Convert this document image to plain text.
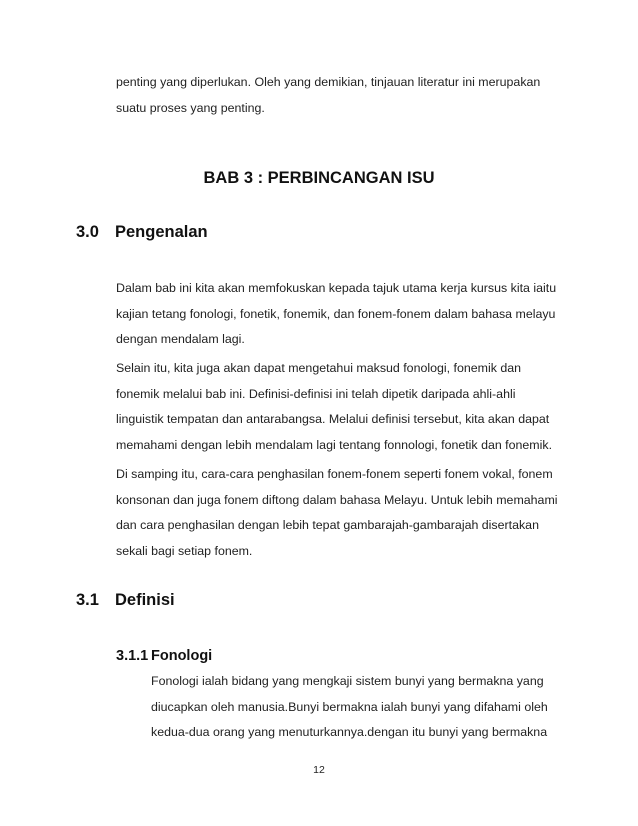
penting yang diperlukan. Oleh yang demikian, tinjauan literatur ini merupakan

suatu proses yang penting.

BAB 3 : PERBINCANGAN ISU
3.0 Pengenalan

Dalam bab ini kita akan memfokuskan kepada tajuk utama kerja kursus kita iaitu

kajian tetang fonologi, fonetik, fonemik, dan fonem-fonem dalam bahasa melayu

dengan mendalam lagi.

Selain itu, kita juga akan dapat mengetahui maksud fonologi, fonemik dan

fonemik melalui bab ini. Definisi-definisi ini telah dipetik daripada ahli-ahli

linguistik tempatan dan antarabangsa. Melalui definisi tersebut, kita akan dapat

memahami dengan lebih mendalam lagi tentang fonnologi, fonetik dan fonemik.

Di samping itu, cara-cara penghasilan fonem-fonem seperti fonem vokal, fonem

konsonan dan juga fonem diftong dalam bahasa Melayu. Untuk lebih memahami

dan cara penghasilan dengan lebih tepat gambarajah-gambarajah disertakan

sekali bagi setiap fonem.

3.1 Definisi
3.1.1 Fonologi

Fonologi ialah bidang yang mengkaji sistem bunyi yang bermakna yang

diucapkan oleh manusia.Bunyi bermakna ialah bunyi yang difahami oleh

kedua-dua orang yang menuturkannya.dengan itu bunyi yang bermakna

12
